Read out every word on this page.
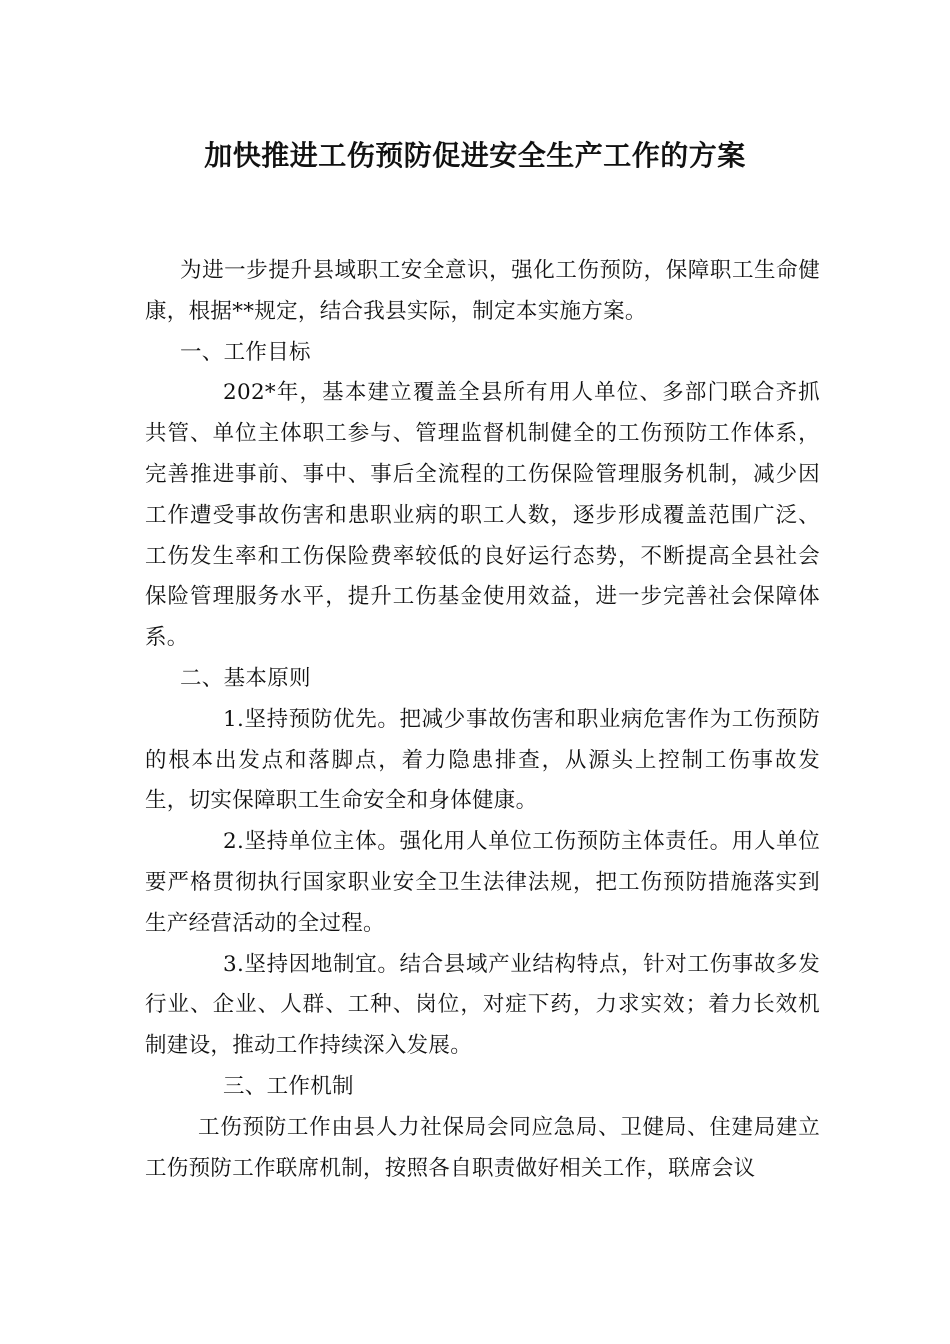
加快推进工伤预防促进安全生产工作的方案

为进一步提升县域职工安全意识，强化工伤预防，保障职工生命健康，根据**规定，结合我县实际，制定本实施方案。

一、工作目标

202*年，基本建立覆盖全县所有用人单位、多部门联合齐抓共管、单位主体职工参与、管理监督机制健全的工伤预防工作体系，完善推进事前、事中、事后全流程的工伤保险管理服务机制，减少因工作遭受事故伤害和患职业病的职工人数，逐步形成覆盖范围广泛、工伤发生率和工伤保险费率较低的良好运行态势，不断提高全县社会保险管理服务水平，提升工伤基金使用效益，进一步完善社会保障体系。

二、基本原则

1.坚持预防优先。把减少事故伤害和职业病危害作为工伤预防的根本出发点和落脚点，着力隐患排查，从源头上控制工伤事故发生，切实保障职工生命安全和身体健康。

2.坚持单位主体。强化用人单位工伤预防主体责任。用人单位要严格贯彻执行国家职业安全卫生法律法规，把工伤预防措施落实到生产经营活动的全过程。

3.坚持因地制宜。结合县域产业结构特点，针对工伤事故多发行业、企业、人群、工种、岗位，对症下药，力求实效；着力长效机制建设，推动工作持续深入发展。

三、工作机制

工伤预防工作由县人力社保局会同应急局、卫健局、住建局建立工伤预防工作联席机制，按照各自职责做好相关工作，联席会议
